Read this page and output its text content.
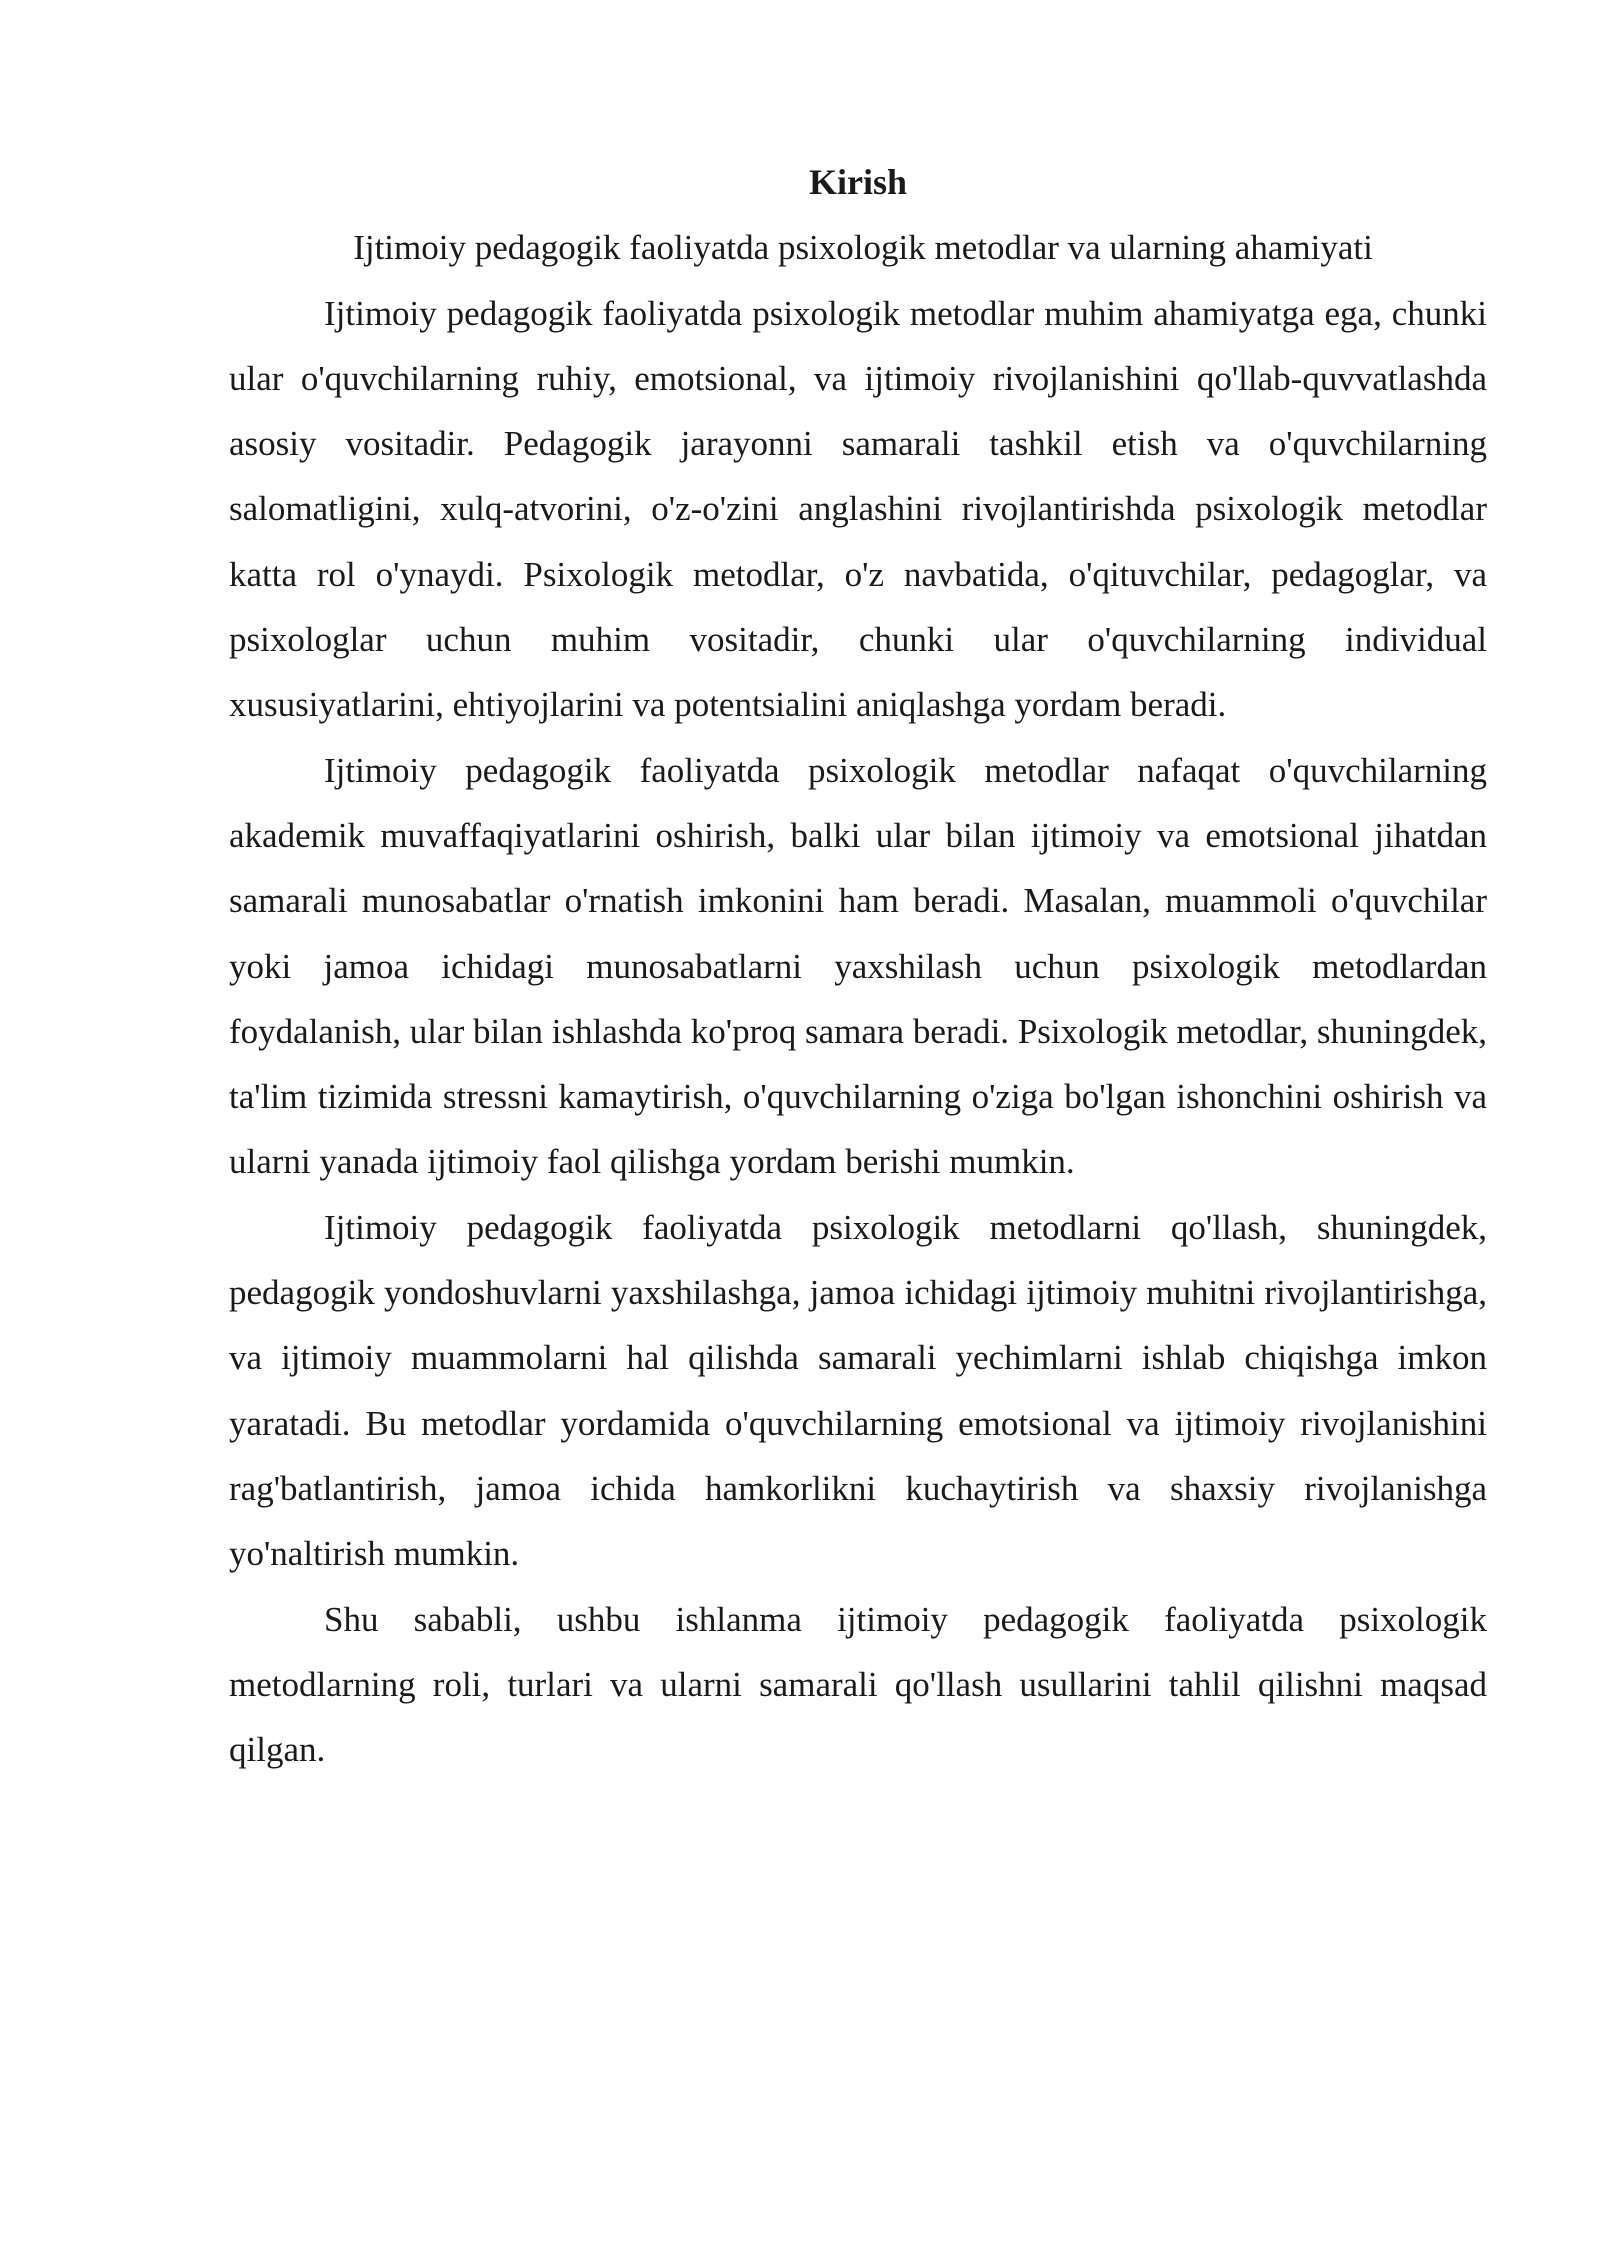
Kirish

Ijtimoiy pedagogik faoliyatda psixologik metodlar va ularning ahamiyati

Ijtimoiy pedagogik faoliyatda psixologik metodlar muhim ahamiyatga ega, chunki ular o'quvchilarning ruhiy, emotsional, va ijtimoiy rivojlanishini qo'llab-quvvatlashda asosiy vositadir. Pedagogik jarayonni samarali tashkil etish va o'quvchilarning salomatligini, xulq-atvorini, o'z-o'zini anglashini rivojlantirishda psixologik metodlar katta rol o'ynaydi. Psixologik metodlar, o'z navbatida, o'qituvchilar, pedagoglar, va psixologlar uchun muhim vositadir, chunki ular o'quvchilarning individual xususiyatlarini, ehtiyojlarini va potentsialini aniqlashga yordam beradi.

Ijtimoiy pedagogik faoliyatda psixologik metodlar nafaqat o'quvchilarning akademik muvaffaqiyatlarini oshirish, balki ular bilan ijtimoiy va emotsional jihatdan samarali munosabatlar o'rnatish imkonini ham beradi. Masalan, muammoli o'quvchilar yoki jamoa ichidagi munosabatlarni yaxshilash uchun psixologik metodlardan foydalanish, ular bilan ishlashda ko'proq samara beradi. Psixologik metodlar, shuningdek, ta'lim tizimida stressni kamaytirish, o'quvchilarning o'ziga bo'lgan ishonchini oshirish va ularni yanada ijtimoiy faol qilishga yordam berishi mumkin.

Ijtimoiy pedagogik faoliyatda psixologik metodlarni qo'llash, shuningdek, pedagogik yondoshuvlarni yaxshilashga, jamoa ichidagi ijtimoiy muhitni rivojlantirishga, va ijtimoiy muammolarni hal qilishda samarali yechimlarni ishlab chiqishga imkon yaratadi. Bu metodlar yordamida o'quvchilarning emotsional va ijtimoiy rivojlanishini rag'batlantirish, jamoa ichida hamkorlikni kuchaytirish va shaxsiy rivojlanishga yo'naltirish mumkin.

Shu sababli, ushbu ishlanma ijtimoiy pedagogik faoliyatda psixologik metodlarning roli, turlari va ularni samarali qo'llash usullarini tahlil qilishni maqsad qilgan.
